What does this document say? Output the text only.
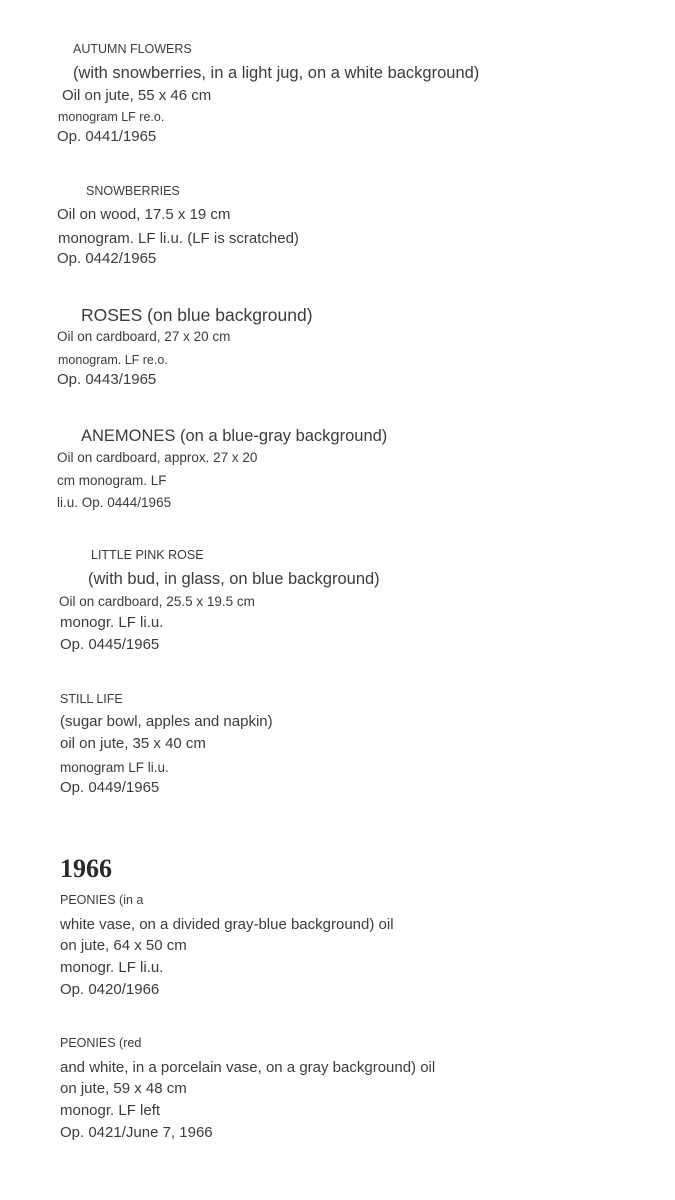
AUTUMN FLOWERS
(with snowberries, in a light jug, on a white background)
Oil on jute, 55 x 46 cm
monogram LF re.o.
Op. 0441/1965
SNOWBERRIES
Oil on wood, 17.5 x 19 cm
monogram. LF li.u. (LF is scratched)
Op. 0442/1965
ROSES (on blue background)
Oil on cardboard, 27 x 20 cm
monogram. LF re.o.
Op. 0443/1965
ANEMONES (on a blue-gray background)
Oil on cardboard, approx. 27 x 20
cm monogram. LF
li.u. Op. 0444/1965
LITTLE PINK ROSE
(with bud, in glass, on blue background)
Oil on cardboard, 25.5 x 19.5 cm
monogr. LF li.u.
Op. 0445/1965
STILL LIFE
(sugar bowl, apples and napkin)
oil on jute, 35 x 40 cm
monogram LF li.u.
Op. 0449/1965
1966
PEONIES (in a
white vase, on a divided gray-blue background) oil
on jute, 64 x 50 cm
monogr. LF li.u.
Op. 0420/1966
PEONIES (red
and white, in a porcelain vase, on a gray background) oil
on jute, 59 x 48 cm
monogr. LF left
Op. 0421/June 7, 1966
